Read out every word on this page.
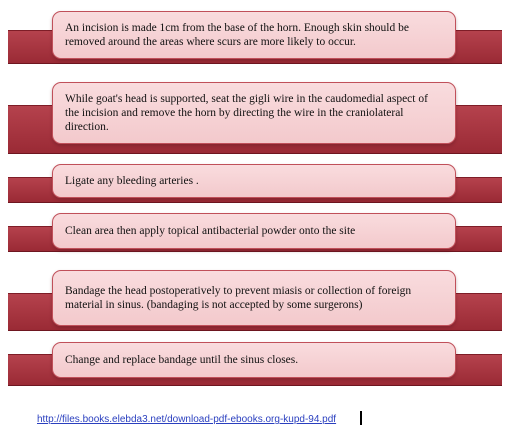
An incision is made 1cm from the base of the horn. Enough skin should be removed around the areas where scurs are more likely to occur.
While goat's head is supported, seat the gigli wire in the caudomedial aspect of the incision and remove the horn by directing the wire in the craniolateral direction.
Ligate any bleeding arteries .
Clean area then apply topical antibacterial powder onto the site
Bandage the head postoperatively to prevent miasis or collection of foreign material in sinus. (bandaging is not accepted by some surgerons)
Change and replace bandage until the sinus closes.
http://files.books.elebda3.net/download-pdf-ebooks.org-kupd-94.pdf
